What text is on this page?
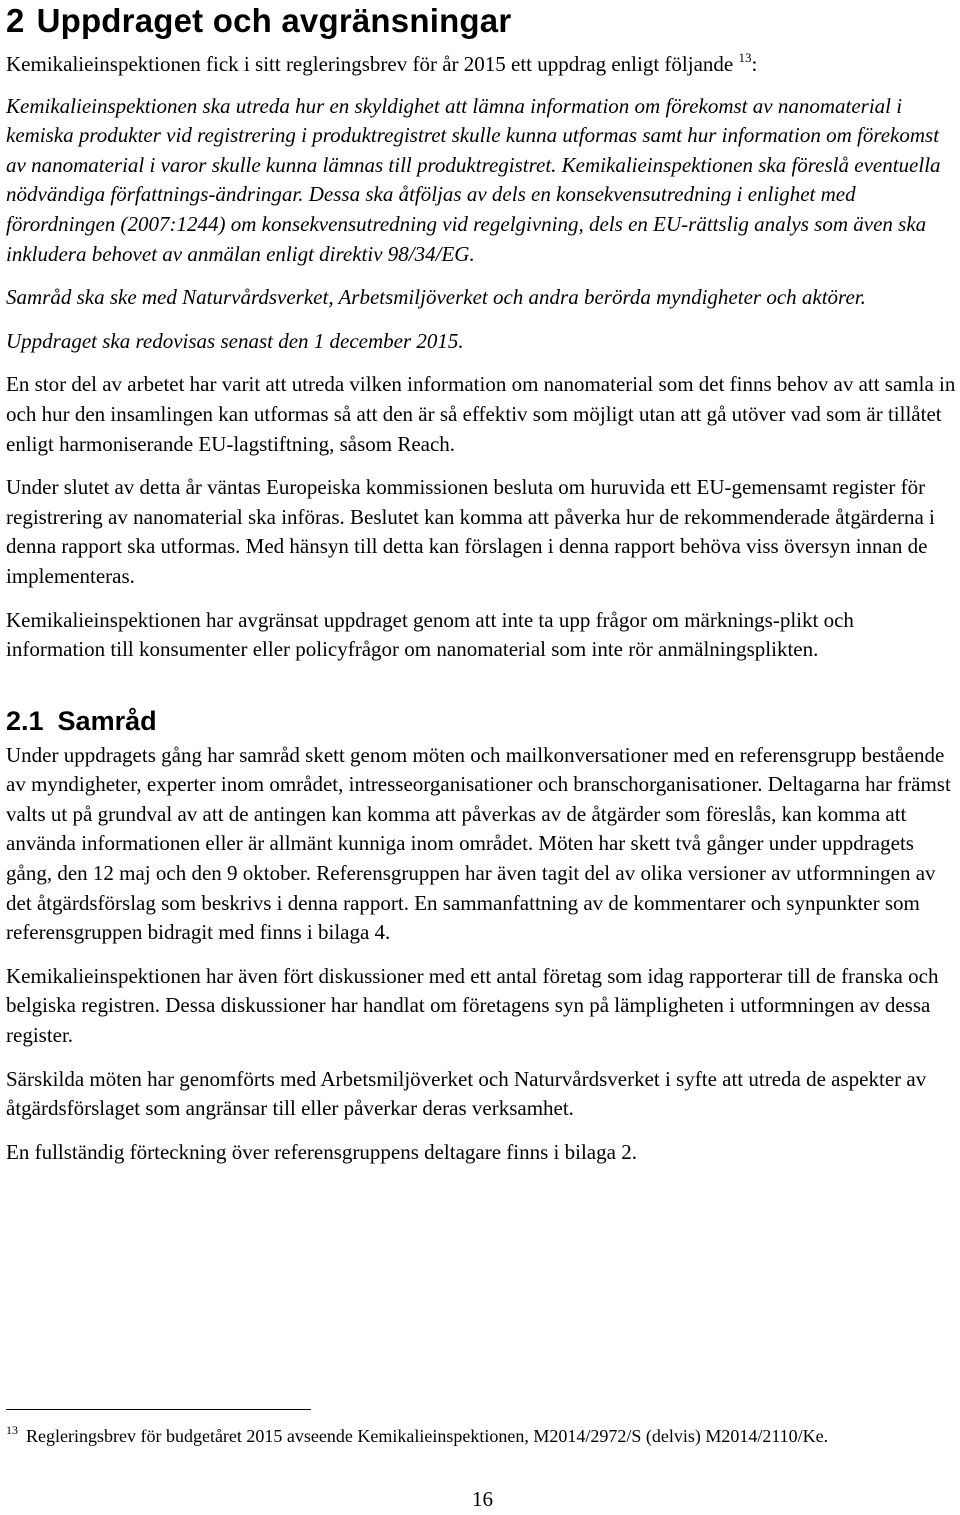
2 Uppdraget och avgränsningar

Kemikalieinspektionen fick i sitt regleringsbrev för år 2015 ett uppdrag enligt följande $^{13}$:

Kemikalieinspektionen ska utreda hur en skyldighet att lämna information om förekomst av nanomaterial i kemiska produkter vid registrering i produktregistret skulle kunna utformas samt hur information om förekomst av nanomaterial i varor skulle kunna lämnas till produktregistret. Kemikalieinspektionen ska föreslå eventuella nödvändiga författnings-ändringar. Dessa ska åtföljas av dels en konsekvensutredning i enlighet med förordningen (2007:1244) om konsekvensutredning vid regelgivning, dels en EU-rättslig analys som även ska inkludera behovet av anmälan enligt direktiv 98/34/EG.

Samråd ska ske med Naturvårdsverket, Arbetsmiljöverket och andra berörda myndigheter och aktörer.

Uppdraget ska redovisas senast den 1 december 2015.

En stor del av arbetet har varit att utreda vilken information om nanomaterial som det finns behov av att samla in och hur den insamlingen kan utformas så att den är så effektiv som möjligt utan att gå utöver vad som är tillåtet enligt harmoniserande EU-lagstiftning, såsom Reach.

Under slutet av detta år väntas Europeiska kommissionen besluta om huruvida ett EU-gemensamt register för registrering av nanomaterial ska införas. Beslutet kan komma att påverka hur de rekommenderade åtgärderna i denna rapport ska utformas. Med hänsyn till detta kan förslagen i denna rapport behöva viss översyn innan de implementeras.

Kemikalieinspektionen har avgränsat uppdraget genom att inte ta upp frågor om märknings-plikt och information till konsumenter eller policyfrågor om nanomaterial som inte rör anmälningsplikten.

2.1 Samråd

Under uppdragets gång har samråd skett genom möten och mailkonversationer med en referensgrupp bestående av myndigheter, experter inom området, intresseorganisationer och branschorganisationer. Deltagarna har främst valts ut på grundval av att de antingen kan komma att påverkas av de åtgärder som föreslås, kan komma att använda informationen eller är allmänt kunniga inom området. Möten har skett två gånger under uppdragets gång, den 12 maj och den 9 oktober. Referensgruppen har även tagit del av olika versioner av utformningen av det åtgärdsförslag som beskrivs i denna rapport. En sammanfattning av de kommentarer och synpunkter som referensgruppen bidragit med finns i bilaga 4.

Kemikalieinspektionen har även fört diskussioner med ett antal företag som idag rapporterar till de franska och belgiska registren. Dessa diskussioner har handlat om företagens syn på lämpligheten i utformningen av dessa register.

Särskilda möten har genomförts med Arbetsmiljöverket och Naturvårdsverket i syfte att utreda de aspekter av åtgärdsförslaget som angränsar till eller påverkar deras verksamhet.

En fullständig förteckning över referensgruppens deltagare finns i bilaga 2.

$^{13}$ Regleringsbrev för budgetåret 2015 avseende Kemikalieinspektionen, M2014/2972/S (delvis) M2014/2110/Ke.
16
